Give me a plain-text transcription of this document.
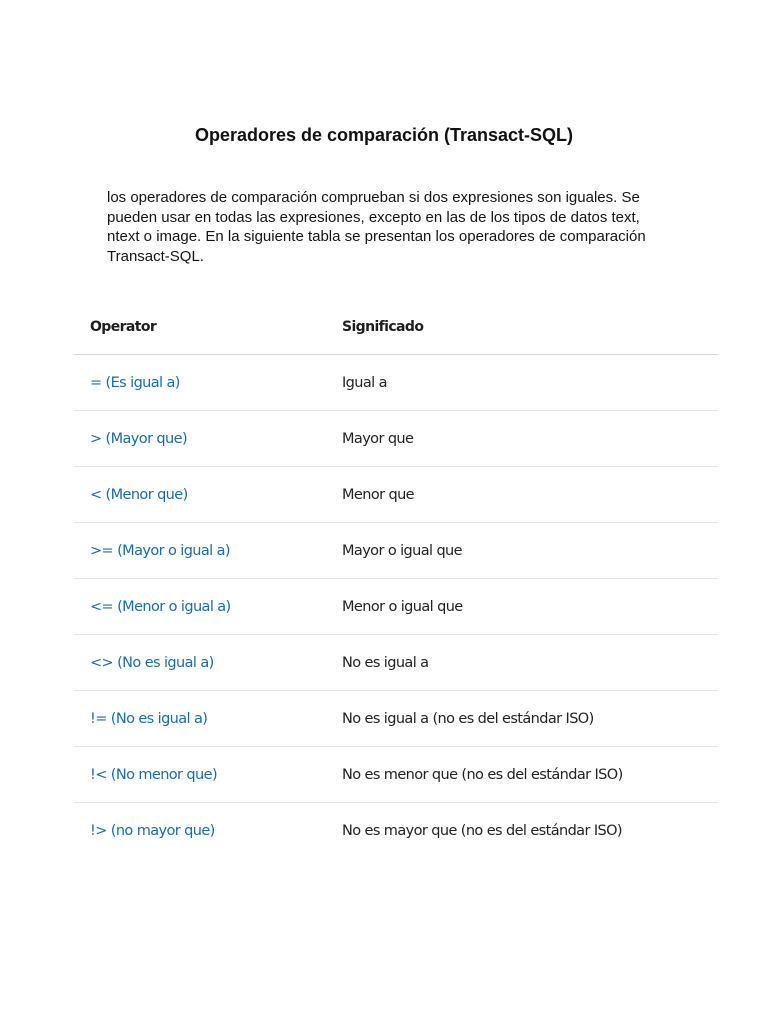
Operadores de comparación (Transact-SQL)

los operadores de comparación comprueban si dos expresiones son iguales. Se pueden usar en todas las expresiones, excepto en las de los tipos de datos text, ntext o image. En la siguiente tabla se presentan los operadores de comparación Transact-SQL.

Operator	Significado
= (Es igual a)	Igual a
> (Mayor que)	Mayor que
< (Menor que)	Menor que
>= (Mayor o igual a)	Mayor o igual que
<= (Menor o igual a)	Menor o igual que
<> (No es igual a)	No es igual a
!= (No es igual a)	No es igual a (no es del estándar ISO)
!< (No menor que)	No es menor que (no es del estándar ISO)
!> (no mayor que)	No es mayor que (no es del estándar ISO)
